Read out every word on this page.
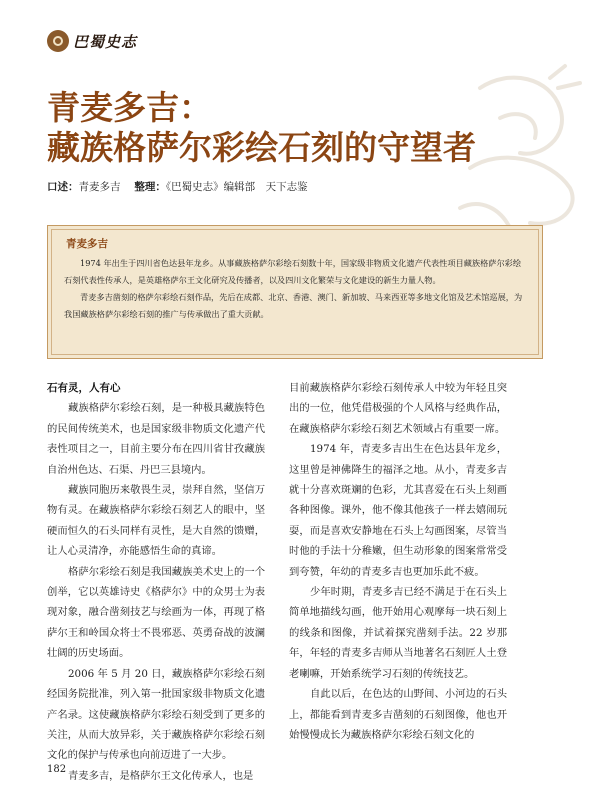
巴蜀史志
青麦多吉：
藏族格萨尔彩绘石刻的守望者
口述：青麦多吉 　 整理：《巴蜀史志》编辑部　天下志鉴
青麦多吉

1974 年出生于四川省色达县年龙乡。从事藏族格萨尔彩绘石刻数十年，国家级非物质文化遗产代表性项目藏族格萨尔彩绘石刻代表性传承人，是英雄格萨尔王文化研究及传播者，以及四川文化繁荣与文化建设的新生力量人物。

青麦多吉凿刻的格萨尔彩绘石刻作品，先后在成都、北京、香港、澳门、新加坡、马来西亚等多地文化馆及艺术馆巡展，为我国藏族格萨尔彩绘石刻的推广与传承做出了重大贡献。

石有灵，人有心

藏族格萨尔彩绘石刻，是一种极具藏族特色的民间传统美术，也是国家级非物质文化遗产代表性项目之一，目前主要分布在四川省甘孜藏族自治州色达、石渠、丹巴三县境内。

藏族同胞历来敬畏生灵，崇拜自然，坚信万物有灵。在藏族格萨尔彩绘石刻艺人的眼中，坚硬而恒久的石头同样有灵性，是大自然的馈赠，让人心灵清净，亦能感悟生命的真谛。

格萨尔彩绘石刻是我国藏族美术史上的一个创举，它以英雄诗史《格萨尔》中的众男士为表现对象，融合凿刻技艺与绘画为一体，再现了格萨尔王和岭国众将士不畏邪恶、英勇奋战的波澜壮阔的历史场面。

2006 年 5 月 20 日，藏族格萨尔彩绘石刻经国务院批准，列入第一批国家级非物质文化遗产名录。这使藏族格萨尔彩绘石刻受到了更多的关注，从而大放异彩，关于藏族格萨尔彩绘石刻文化的保护与传承也向前迈进了一大步。

青麦多吉，是格萨尔王文化传承人，也是

目前藏族格萨尔彩绘石刻传承人中较为年轻且突出的一位，他凭借极强的个人风格与经典作品，在藏族格萨尔彩绘石刻艺术领域占有重要一席。

1974 年，青麦多吉出生在色达县年龙乡，这里曾是神佛降生的福泽之地。从小，青麦多吉就十分喜欢斑斓的色彩，尤其喜爱在石头上刻画各种图像。课外，他不像其他孩子一样去嬉闹玩耍，而是喜欢安静地在石头上勾画图案，尽管当时他的手法十分稚嫩，但生动形象的图案常常受到夸赞，年幼的青麦多吉也更加乐此不疲。

少年时期，青麦多吉已经不满足于在石头上简单地描线勾画，他开始用心观摩每一块石刻上的线条和图像，并试着探究凿刻手法。22 岁那年，年轻的青麦多吉师从当地著名石刻匠人土登老喇嘛，开始系统学习石刻的传统技艺。

自此以后，在色达的山野间、小河边的石头上，都能看到青麦多吉凿刻的石刻图像，他也开始慢慢成长为藏族格萨尔彩绘石刻文化的

182
